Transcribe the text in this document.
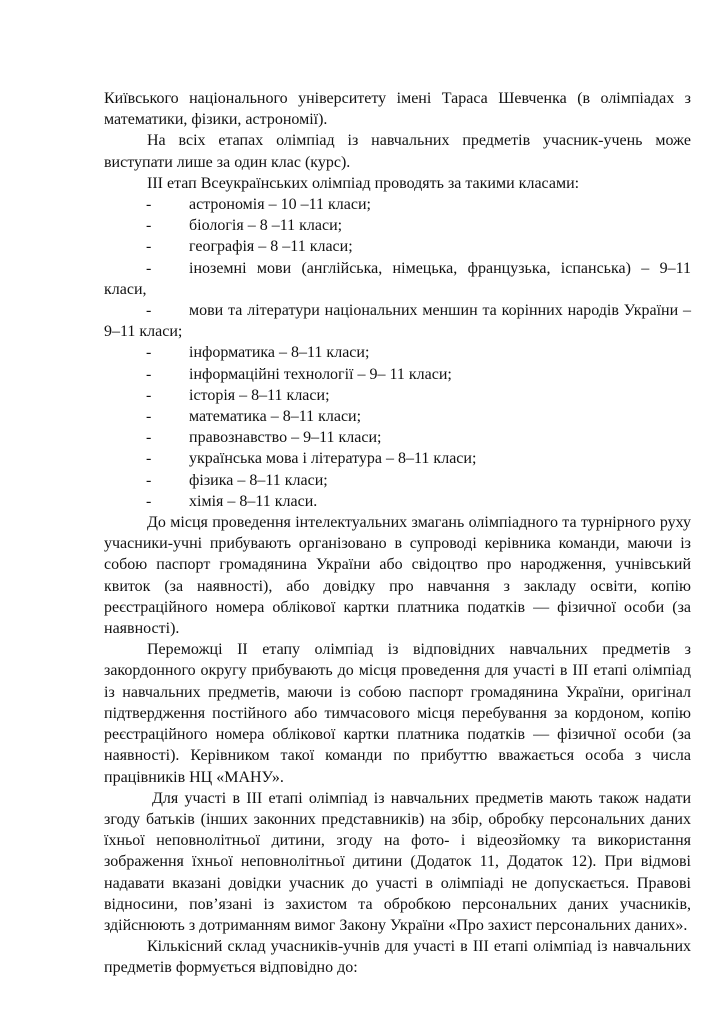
Київського національного університету імені Тараса Шевченка (в олімпіадах з математики, фізики, астрономії).

На всіх етапах олімпіад із навчальних предметів учасник-учень може виступати лише за один клас (курс).

ІІІ етап Всеукраїнських олімпіад проводять за такими класами:

-	астрономія – 10 –11 класи;
-	біологія – 8 –11 класи;
-	географія – 8 –11 класи;
-	іноземні мови (англійська, німецька, французька, іспанська) – 9–11 класи,
-	мови та літератури національних меншин та корінних народів України – 9–11 класи;
-	інформатика – 8–11 класи;
-	інформаційні технології – 9– 11 класи;
-	історія – 8–11 класи;
-	математика – 8–11 класи;
-	правознавство – 9–11 класи;
-	українська мова і література – 8–11 класи;
-	фізика – 8–11 класи;
-	хімія – 8–11 класи.

До місця проведення інтелектуальних змагань олімпіадного та турнірного руху учасники-учні прибувають організовано в супроводі керівника команди, маючи із собою паспорт громадянина України або свідоцтво про народження, учнівський квиток (за наявності), або довідку про навчання з закладу освіти, копію реєстраційного номера облікової картки платника податків — фізичної особи (за наявності).

Переможці ІІ етапу олімпіад із відповідних навчальних предметів з закордонного округу прибувають до місця проведення для участі в ІІІ етапі олімпіад із навчальних предметів, маючи із собою паспорт громадянина України, оригінал підтвердження постійного або тимчасового місця перебування за кордоном, копію реєстраційного номера облікової картки платника податків — фізичної особи (за наявності). Керівником такої команди по прибуттю вважається особа з числа працівників НЦ «МАНУ».

Для участі в ІІІ етапі олімпіад із навчальних предметів мають також надати згоду батьків (інших законних представників) на збір, обробку персональних даних їхньої неповнолітньої дитини, згоду на фото- і відеозйомку та використання зображення їхньої неповнолітньої дитини (Додаток 11, Додаток 12). При відмові надавати вказані довідки учасник до участі в олімпіаді не допускається. Правові відносини, пов’язані із захистом та обробкою персональних даних учасників, здійснюють з дотриманням вимог Закону України «Про захист персональних даних».

Кількісний склад учасників-учнів для участі в ІІІ етапі олімпіад із навчальних предметів формується відповідно до:
